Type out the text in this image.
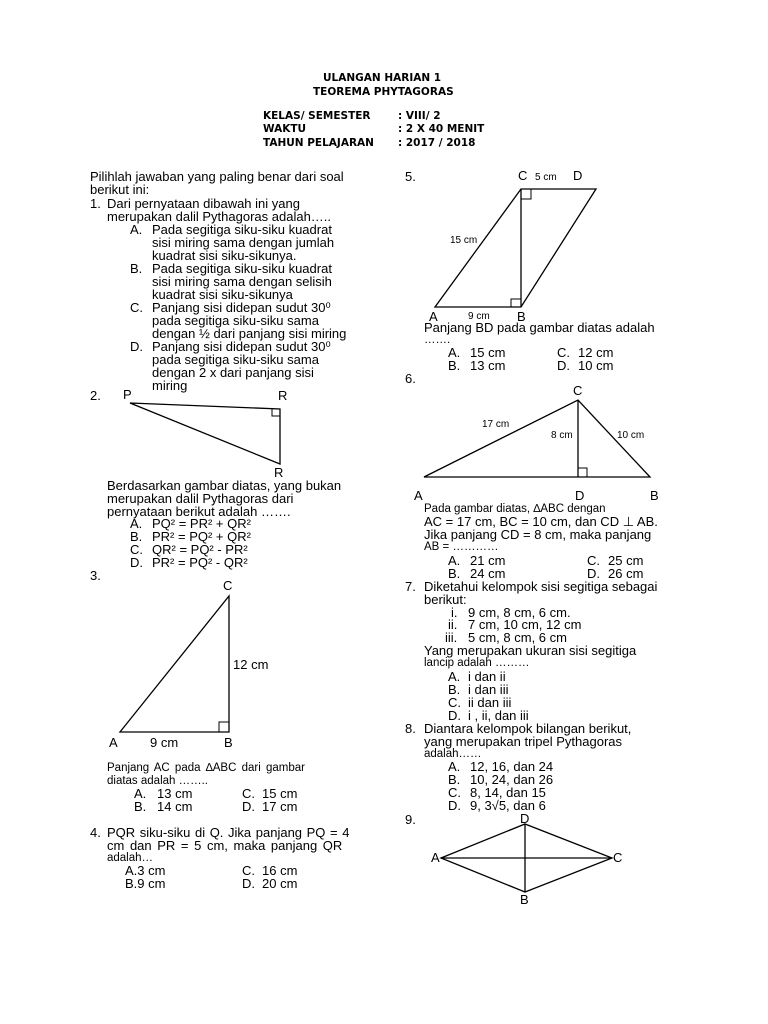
ULANGAN HARIAN 1
TEOREMA PHYTAGORAS
KELAS/ SEMESTER	: VIII/ 2
WAKTU	: 2 X 40 MENIT
TAHUN PELAJARAN : 2017 / 2018
Pilihlah jawaban yang paling benar dari soal
berikut ini:
1. Dari pernyataan dibawah ini yang
merupakan dalil Pythagoras adalah…..
A. Pada segitiga siku-siku kuadrat
sisi miring sama dengan jumlah
kuadrat sisi siku-sikunya.
B. Pada segitiga siku-siku kuadrat
sisi miring sama dengan selisih
kuadrat sisi siku-sikunya
C. Panjang sisi didepan sudut 30⁰
pada segitiga siku-siku sama
dengan ½ dari panjang sisi miring
D. Panjang sisi didepan sudut 30⁰
pada segitiga siku-siku sama
dengan 2 x dari panjang sisi
miring
2. P	R
R
Berdasarkan gambar diatas, yang bukan
merupakan dalil Pythagoras dari
pernyataan berikut adalah …….
A. PQ² = PR² + QR²
B. PR² = PQ² + QR²
C. QR² = PQ² - PR²
D. PR² = PQ² - QR²
3.
C
12 cm
A 9 cm	B
Panjang AC pada ∆ABC dari gambar
diatas adalah ……..
A. 13 cm	C. 15 cm
B. 14 cm	D. 17 cm
4. PQR siku-siku di Q. Jika panjang PQ = 4
cm dan PR = 5 cm, maka panjang QR
adalah…
A.3 cm	C. 16 cm
B.9 cm	D. 20 cm
5.	C 5 cm D
15 cm
A	9 cm B
Panjang BD pada gambar diatas adalah
…….
A. 15 cm	C. 12 cm
B. 13 cm	D. 10 cm
6.
C
17 cm
8 cm	10 cm
A	D	B
Pada gambar diatas, ∆ABC dengan
AC = 17 cm, BC = 10 cm, dan CD ⊥ AB.
Jika panjang CD = 8 cm, maka panjang
AB = …………
A. 21 cm	C. 25 cm
B. 24 cm	D. 26 cm
7. Diketahui kelompok sisi segitiga sebagai
berikut:
i. 9 cm, 8 cm, 6 cm.
ii. 7 cm, 10 cm, 12 cm
iii. 5 cm, 8 cm, 6 cm
Yang merupakan ukuran sisi segitiga
lancip adalah ………
A. i dan ii
B. i dan iii
C. ii dan iii
D. i , ii, dan iii
8. Diantara kelompok bilangan berikut,
yang merupakan tripel Pythagoras
adalah……
A. 12, 16, dan 24
B. 10, 24, dan 26
C. 8, 14, dan 15
D. 9, 3√5, dan 6
9.	D
A	C
B
